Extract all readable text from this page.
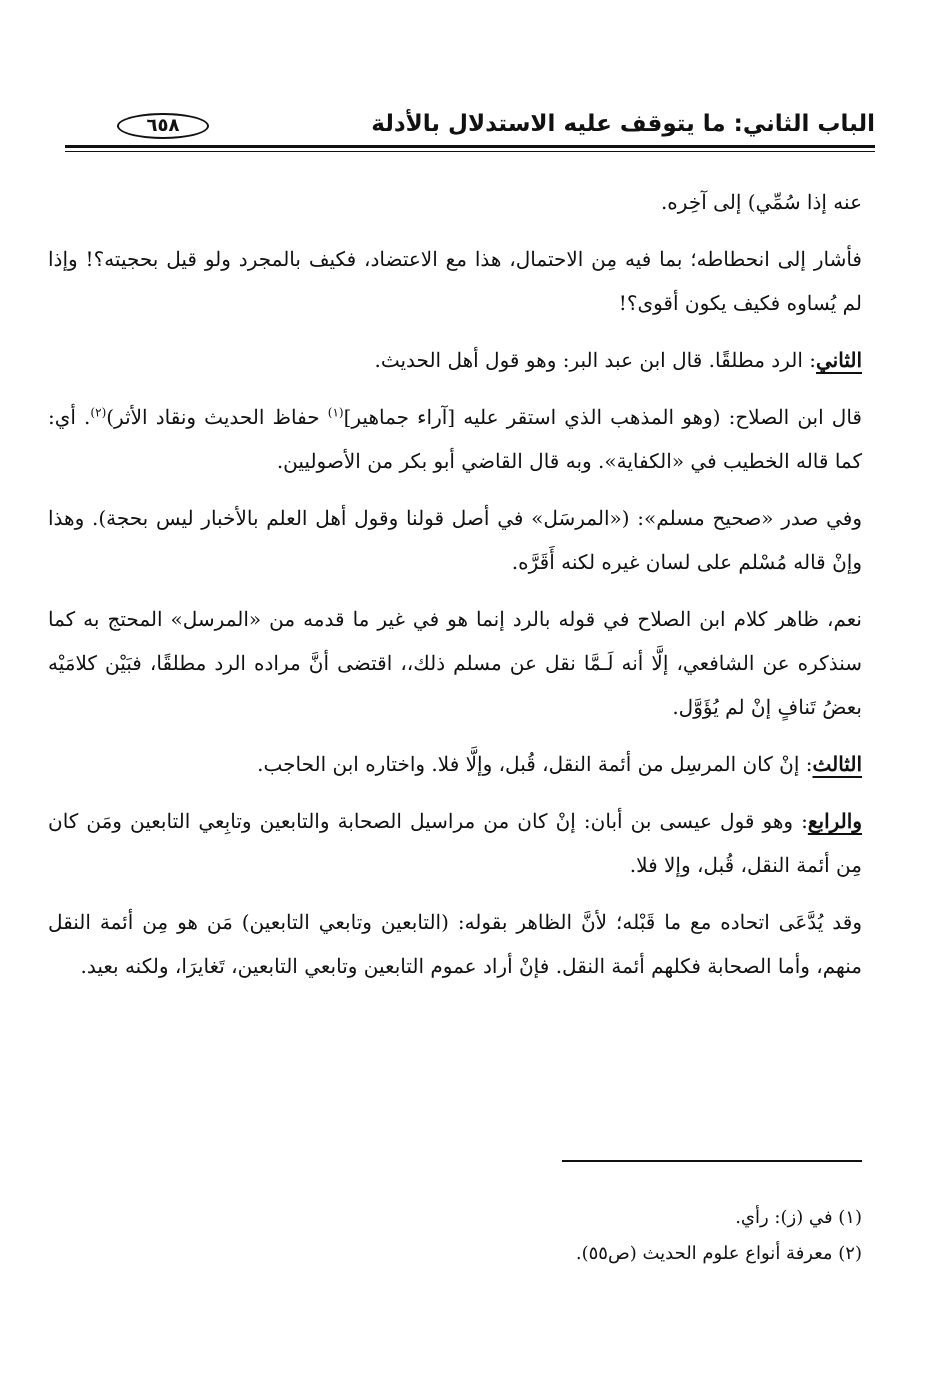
الباب الثاني: ما يتوقف عليه الاستدلال بالأدلة
٦٥٨

عنه إذا سُمِّي) إلى آخِره.

فأشار إلى انحطاطه؛ بما فيه مِن الاحتمال، هذا مع الاعتضاد، فكيف بالمجرد ولو قيل بحجيته؟! وإذا لم يُساوه فكيف يكون أقوى؟!

الثاني: الرد مطلقًا. قال ابن عبد البر: وهو قول أهل الحديث.

قال ابن الصلاح: (وهو المذهب الذي استقر عليه [آراء جماهير]$^{(١)}$ حفاظ الحديث ونقاد الأثر)$^{(٢)}$. أي: كما قاله الخطيب في «الكفاية». وبه قال القاضي أبو بكر من الأصوليين.

وفي صدر «صحيح مسلم»: («المرسَل» في أصل قولنا وقول أهل العلم بالأخبار ليس بحجة). وهذا وإنْ قاله مُسْلم على لسان غيره لكنه أَقَرَّه.

نعم، ظاهر كلام ابن الصلاح في قوله بالرد إنما هو في غير ما قدمه من «المرسل» المحتج به كما سنذكره عن الشافعي، إلَّا أنه لَـمَّا نقل عن مسلم ذلك،، اقتضى أنَّ مراده الرد مطلقًا، فبَيْن كلامَيْه بعضُ تَنافٍ إنْ لم يُؤَوَّل.

الثالث: إنْ كان المرسِل من أئمة النقل، قُبل، وإلَّا فلا. واختاره ابن الحاجب.

والرابع: وهو قول عيسى بن أبان: إنْ كان من مراسيل الصحابة والتابعين وتابِعي التابعين ومَن كان مِن أئمة النقل، قُبل، وإلا فلا.

وقد يُدَّعَى اتحاده مع ما قَبْله؛ لأنَّ الظاهر بقوله: (التابعين وتابعي التابعين) مَن هو مِن أئمة النقل منهم، وأما الصحابة فكلهم أئمة النقل. فإنْ أراد عموم التابعين وتابعي التابعين، تَغايرَا، ولكنه بعيد.

(١) في (ز): رأي.
(٢) معرفة أنواع علوم الحديث (ص٥٥).
